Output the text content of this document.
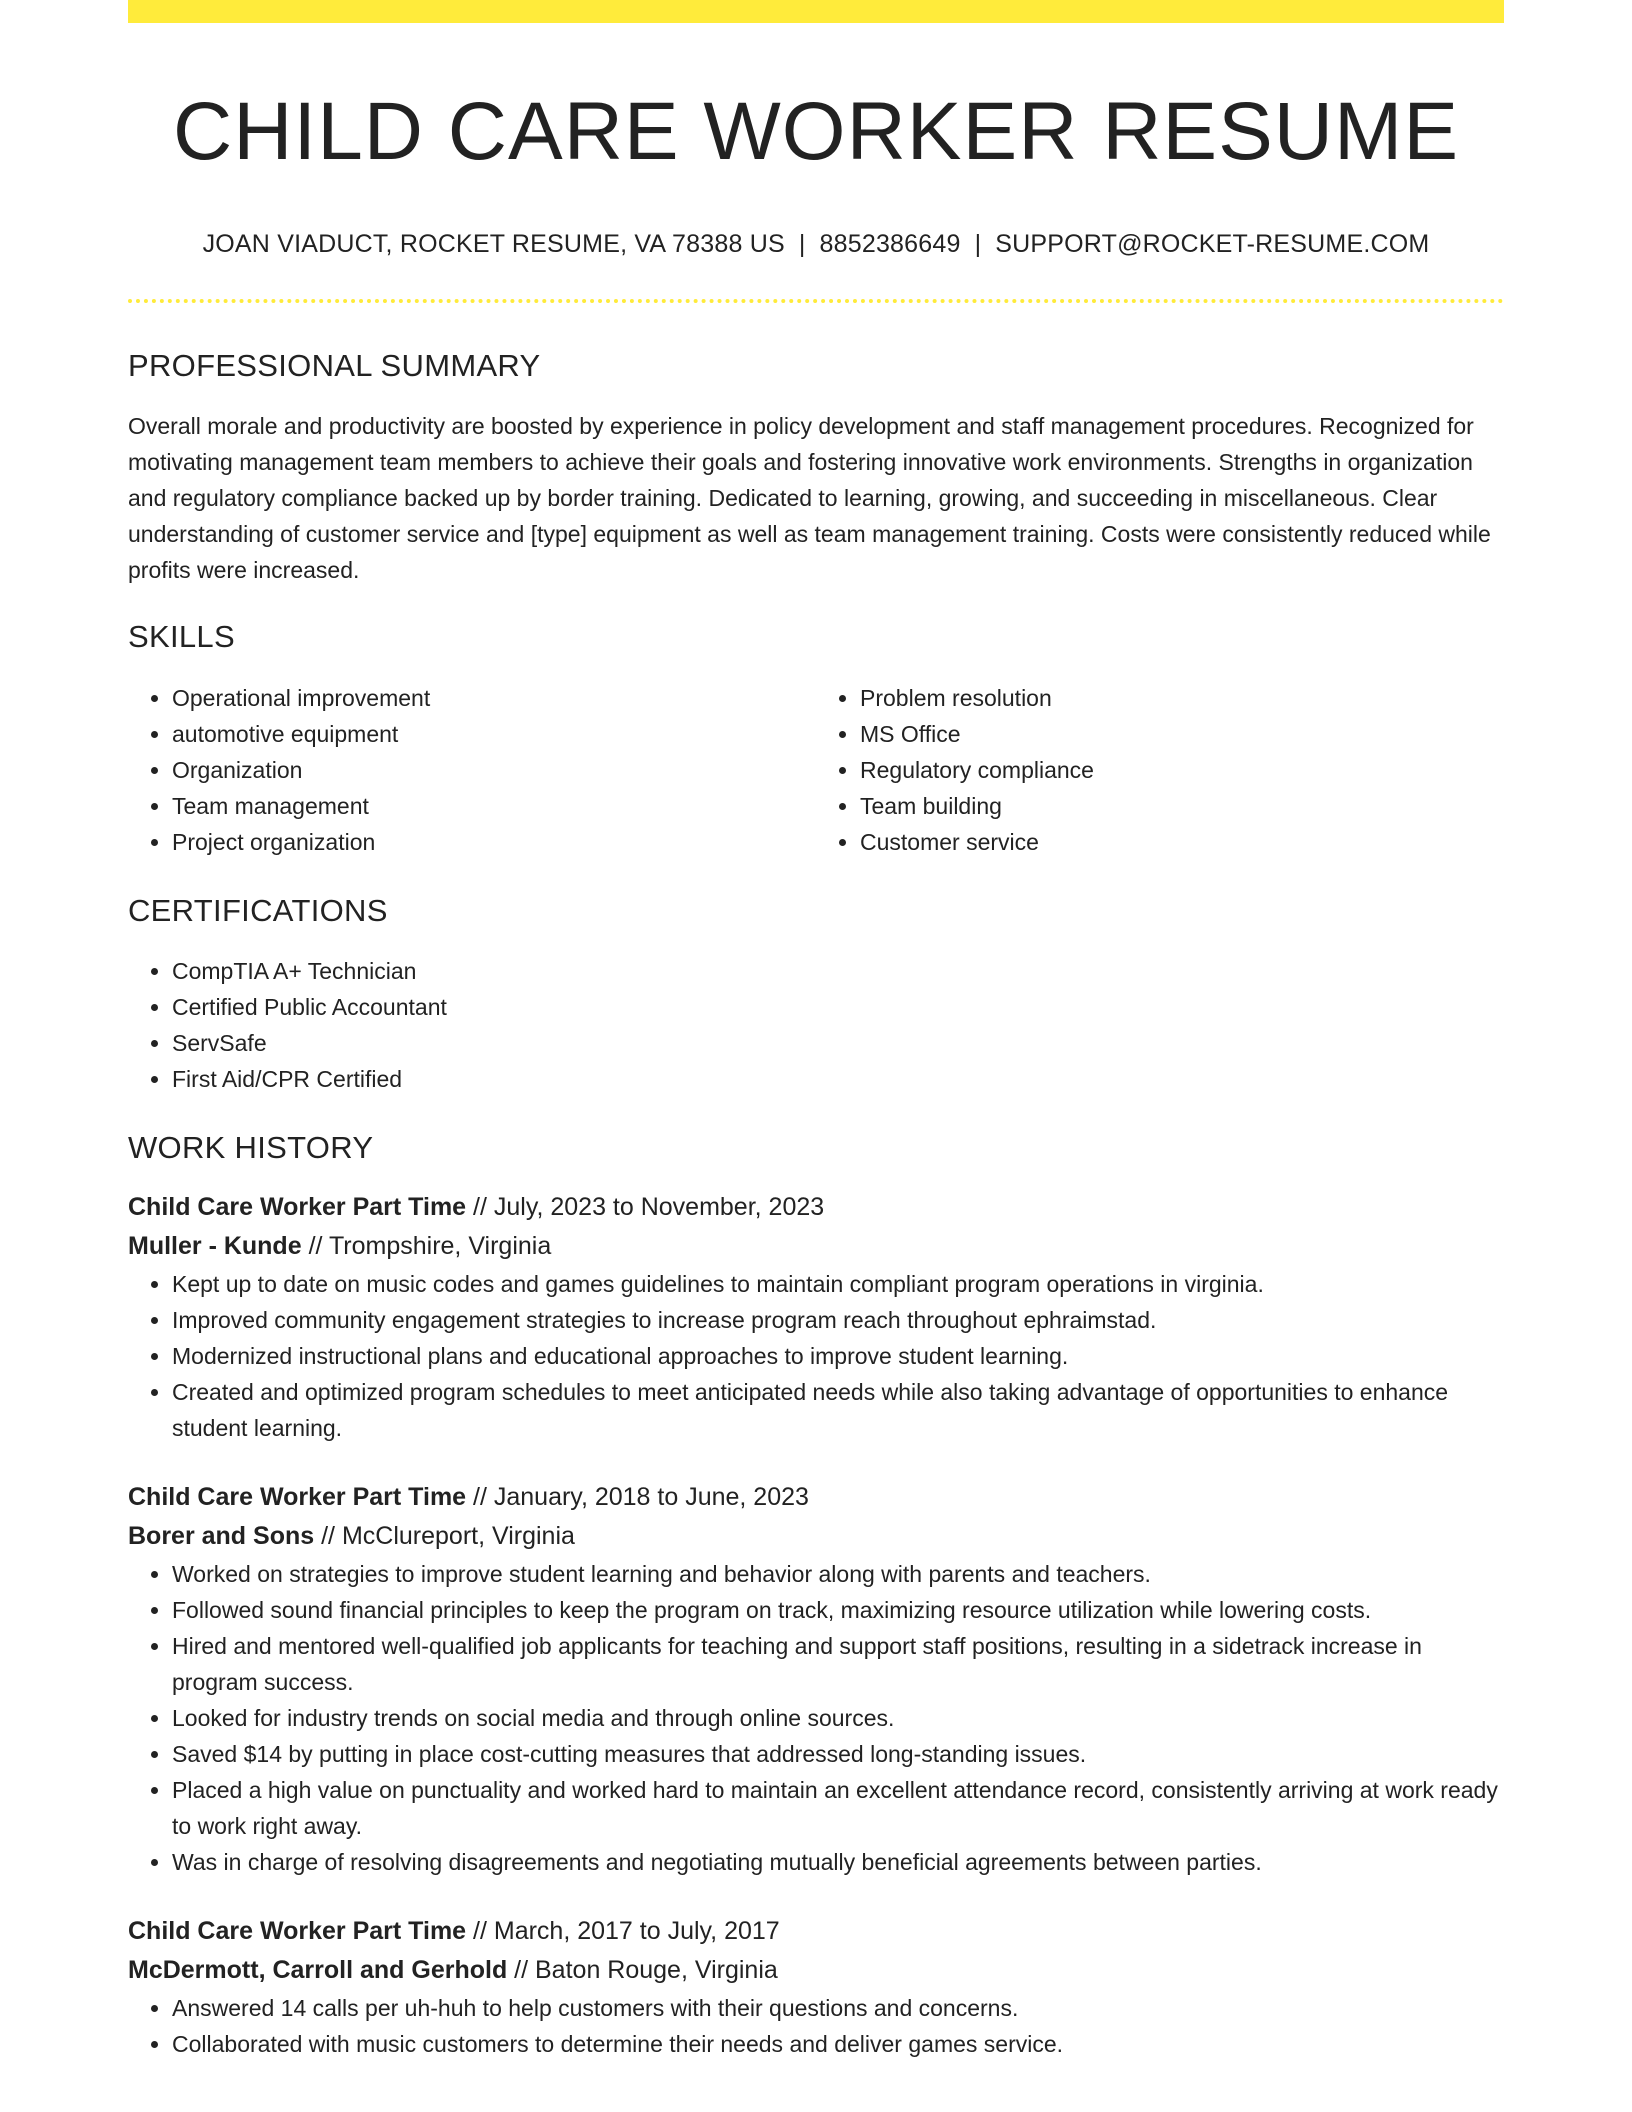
CHILD CARE WORKER RESUME
JOAN VIADUCT, ROCKET RESUME, VA 78388 US | 8852386649 | SUPPORT@ROCKET-RESUME.COM
PROFESSIONAL SUMMARY

Overall morale and productivity are boosted by experience in policy development and staff management procedures. Recognized for motivating management team members to achieve their goals and fostering innovative work environments. Strengths in organization and regulatory compliance backed up by border training. Dedicated to learning, growing, and succeeding in miscellaneous. Clear understanding of customer service and [type] equipment as well as team management training. Costs were consistently reduced while profits were increased.

SKILLS
• Operational improvement
• automotive equipment
• Organization
• Team management
• Project organization
• Problem resolution
• MS Office
• Regulatory compliance
• Team building
• Customer service
CERTIFICATIONS
• CompTIA A+ Technician
• Certified Public Accountant
• ServSafe
• First Aid/CPR Certified
WORK HISTORY
Child Care Worker Part Time // July, 2023 to November, 2023
Muller - Kunde // Trompshire, Virginia
• Kept up to date on music codes and games guidelines to maintain compliant program operations in virginia.
• Improved community engagement strategies to increase program reach throughout ephraimstad.
• Modernized instructional plans and educational approaches to improve student learning.
• Created and optimized program schedules to meet anticipated needs while also taking advantage of opportunities to enhance student learning.
Child Care Worker Part Time // January, 2018 to June, 2023
Borer and Sons // McClureport, Virginia
• Worked on strategies to improve student learning and behavior along with parents and teachers.
• Followed sound financial principles to keep the program on track, maximizing resource utilization while lowering costs.
• Hired and mentored well-qualified job applicants for teaching and support staff positions, resulting in a sidetrack increase in program success.
• Looked for industry trends on social media and through online sources.
• Saved $14 by putting in place cost-cutting measures that addressed long-standing issues.
• Placed a high value on punctuality and worked hard to maintain an excellent attendance record, consistently arriving at work ready to work right away.
• Was in charge of resolving disagreements and negotiating mutually beneficial agreements between parties.
Child Care Worker Part Time // March, 2017 to July, 2017
McDermott, Carroll and Gerhold // Baton Rouge, Virginia
• Answered 14 calls per uh-huh to help customers with their questions and concerns.
• Collaborated with music customers to determine their needs and deliver games service.
